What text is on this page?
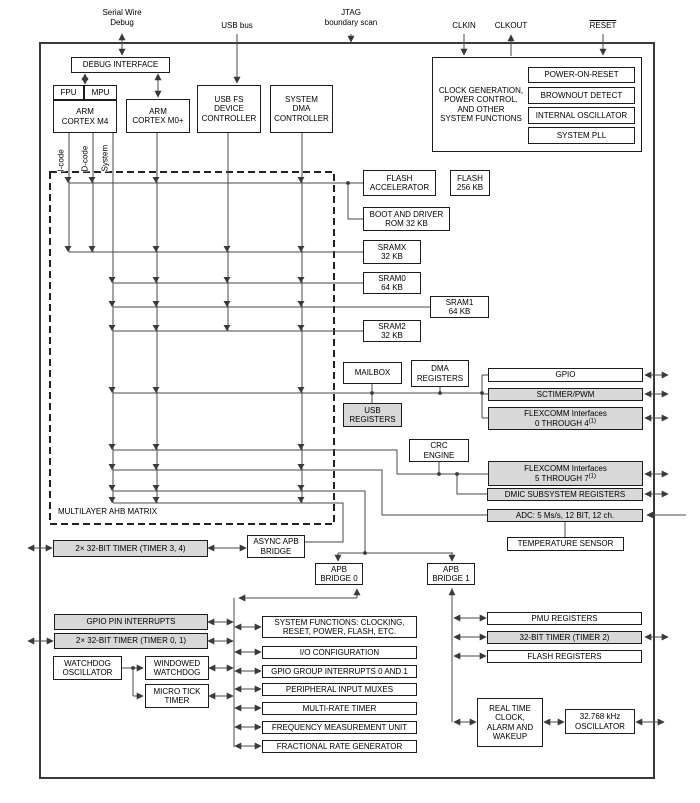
Serial Wire
Debug	USB bus
JTAG
boundary scan	CLKIN	CLKOUT	RESET
DEBUG INTERFACE
FPU	MPU
ARM
CORTEX M4
ARM
CORTEX M0+
USB FS
DEVICE
CONTROLLER
SYSTEM
DMA
CONTROLLER
I-code D-code System
CLOCK GENERATION,
POWER CONTROL,
AND OTHER
SYSTEM FUNCTIONS
POWER-ON-RESET
BROWNOUT DETECT
INTERNAL OSCILLATOR
SYSTEM PLL
FLASH
ACCELERATOR
FLASH
256 KB
BOOT AND DRIVER
ROM 32 KB
SRAMX
32 KB
SRAM0
64 KB
SRAM1
64 KB
SRAM2
32 KB
MULTILAYER AHB MATRIX
MAILBOX	DMA
REGISTERS
USB
REGISTERS
GPIO
SCTIMER/PWM
FLEXCOMM Interfaces
0 THROUGH 4$^{(1)}$
CRC
ENGINE
FLEXCOMM Interfaces
5 THROUGH 7$^{(1)}$
DMIC SUBSYSTEM REGISTERS
ADC: 5 Ms/s, 12 BIT, 12 ch.
TEMPERATURE SENSOR
2× 32-BIT TIMER (TIMER 3, 4)
ASYNC APB
BRIDGE
APB
BRIDGE 0
APB
BRIDGE 1
GPIO PIN INTERRUPTS
2× 32-BIT TIMER (TIMER 0, 1)
WATCHDOG
OSCILLATOR
WINDOWED
WATCHDOG
MICRO TICK
TIMER
SYSTEM FUNCTIONS: CLOCKING,
RESET, POWER, FLASH, ETC.
I/O CONFIGURATION
GPIO GROUP INTERRUPTS 0 AND 1
PERIPHERAL INPUT MUXES
MULTI-RATE TIMER
FREQUENCY MEASUREMENT UNIT
FRACTIONAL RATE GENERATOR
PMU REGISTERS
32-BIT TIMER (TIMER 2)
FLASH REGISTERS
REAL TIME
CLOCK,
ALARM AND
WAKEUP
32.768 kHz
OSCILLATOR
